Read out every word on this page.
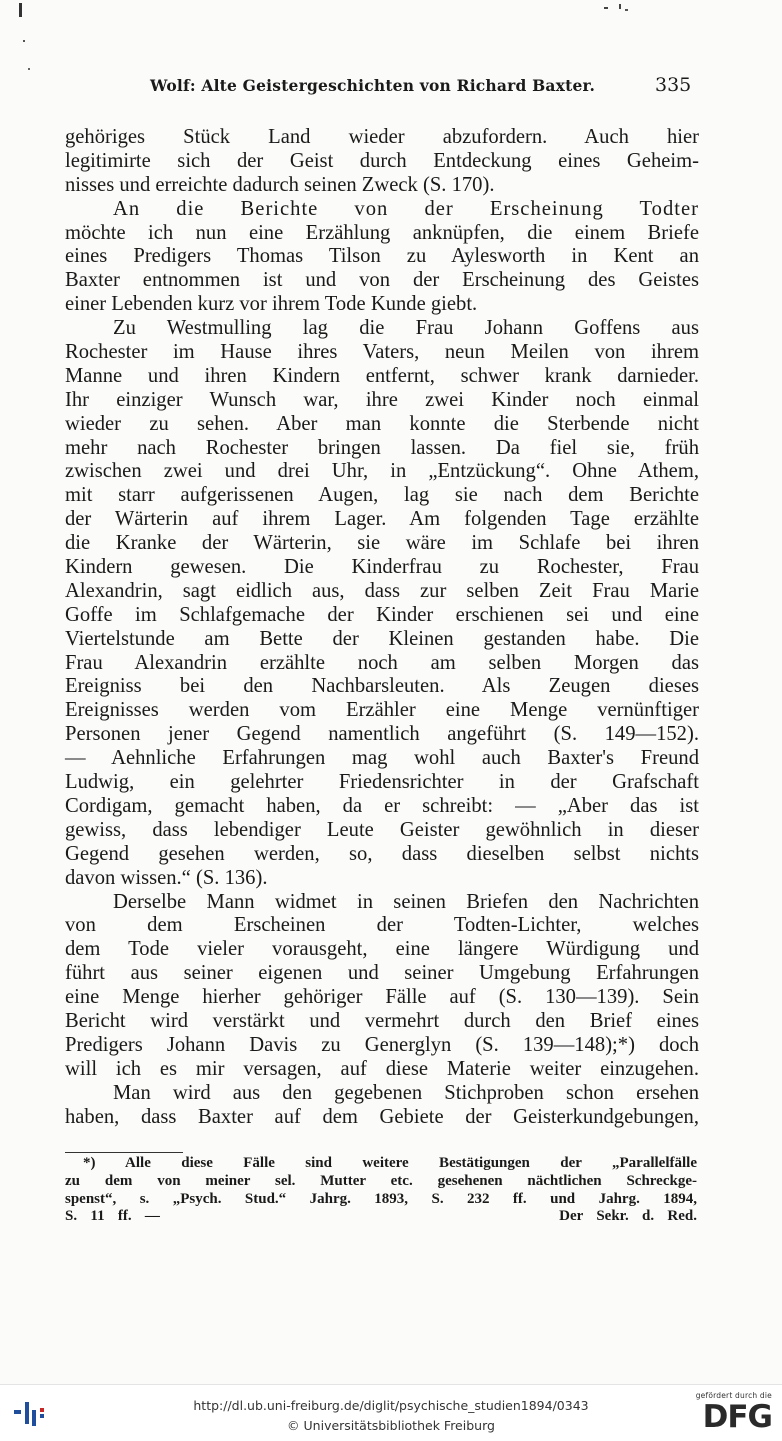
Wolf: Alte Geistergeschichten von Richard Baxter.	335
gehöriges Stück Land wieder abzufordern. Auch hier
legitimirte sich der Geist durch Entdeckung eines Geheim-
nisses und erreichte dadurch seinen Zweck (S. 170).
An die Berichte von der Erscheinung Todter
möchte ich nun eine Erzählung anknüpfen, die einem Briefe
eines Predigers Thomas Tilson zu Aylesworth in Kent an
Baxter entnommen ist und von der Erscheinung des Geistes
einer Lebenden kurz vor ihrem Tode Kunde giebt.
Zu Westmulling lag die Frau Johann Goffens aus
Rochester im Hause ihres Vaters, neun Meilen von ihrem
Manne und ihren Kindern entfernt, schwer krank darnieder.
Ihr einziger Wunsch war, ihre zwei Kinder noch einmal
wieder zu sehen. Aber man konnte die Sterbende nicht
mehr nach Rochester bringen lassen. Da fiel sie, früh
zwischen zwei und drei Uhr, in „Entzückung“. Ohne Athem,
mit starr aufgerissenen Augen, lag sie nach dem Berichte
der Wärterin auf ihrem Lager. Am folgenden Tage erzählte
die Kranke der Wärterin, sie wäre im Schlafe bei ihren
Kindern gewesen. Die Kinderfrau zu Rochester, Frau
Alexandrin, sagt eidlich aus, dass zur selben Zeit Frau Marie
Goffe im Schlafgemache der Kinder erschienen sei und eine
Viertelstunde am Bette der Kleinen gestanden habe. Die
Frau Alexandrin erzählte noch am selben Morgen das
Ereigniss bei den Nachbarsleuten. Als Zeugen dieses
Ereignisses werden vom Erzähler eine Menge vernünftiger
Personen jener Gegend namentlich angeführt (S. 149—152).
— Aehnliche Erfahrungen mag wohl auch Baxter's Freund
Ludwig, ein gelehrter Friedensrichter in der Grafschaft
Cordigam, gemacht haben, da er schreibt: — „Aber das ist
gewiss, dass lebendiger Leute Geister gewöhnlich in dieser
Gegend gesehen werden, so, dass dieselben selbst nichts
davon wissen.“ (S. 136).
Derselbe Mann widmet in seinen Briefen den Nachrichten
von dem Erscheinen der Todten-Lichter, welches
dem Tode vieler vorausgeht, eine längere Würdigung und
führt aus seiner eigenen und seiner Umgebung Erfahrungen
eine Menge hierher gehöriger Fälle auf (S. 130—139). Sein
Bericht wird verstärkt und vermehrt durch den Brief eines
Predigers Johann Davis zu Generglyn (S. 139—148);*) doch
will ich es mir versagen, auf diese Materie weiter einzugehen.
Man wird aus den gegebenen Stichproben schon ersehen
haben, dass Baxter auf dem Gebiete der Geisterkundgebungen,
*) Alle diese Fälle sind weitere Bestätigungen der „Parallelfälle
zu dem von meiner sel. Mutter etc. gesehenen nächtlichen Schreckge-
spenst“, s. „Psych. Stud.“ Jahrg. 1893, S. 232 ff. und Jahrg. 1894,
S. 11 ff. —                              Der Sekr. d. Red.
http://dl.ub.uni-freiburg.de/diglit/psychische_studien1894/0343
© Universitätsbibliothek Freiburg
gefördert durch die
DFG
